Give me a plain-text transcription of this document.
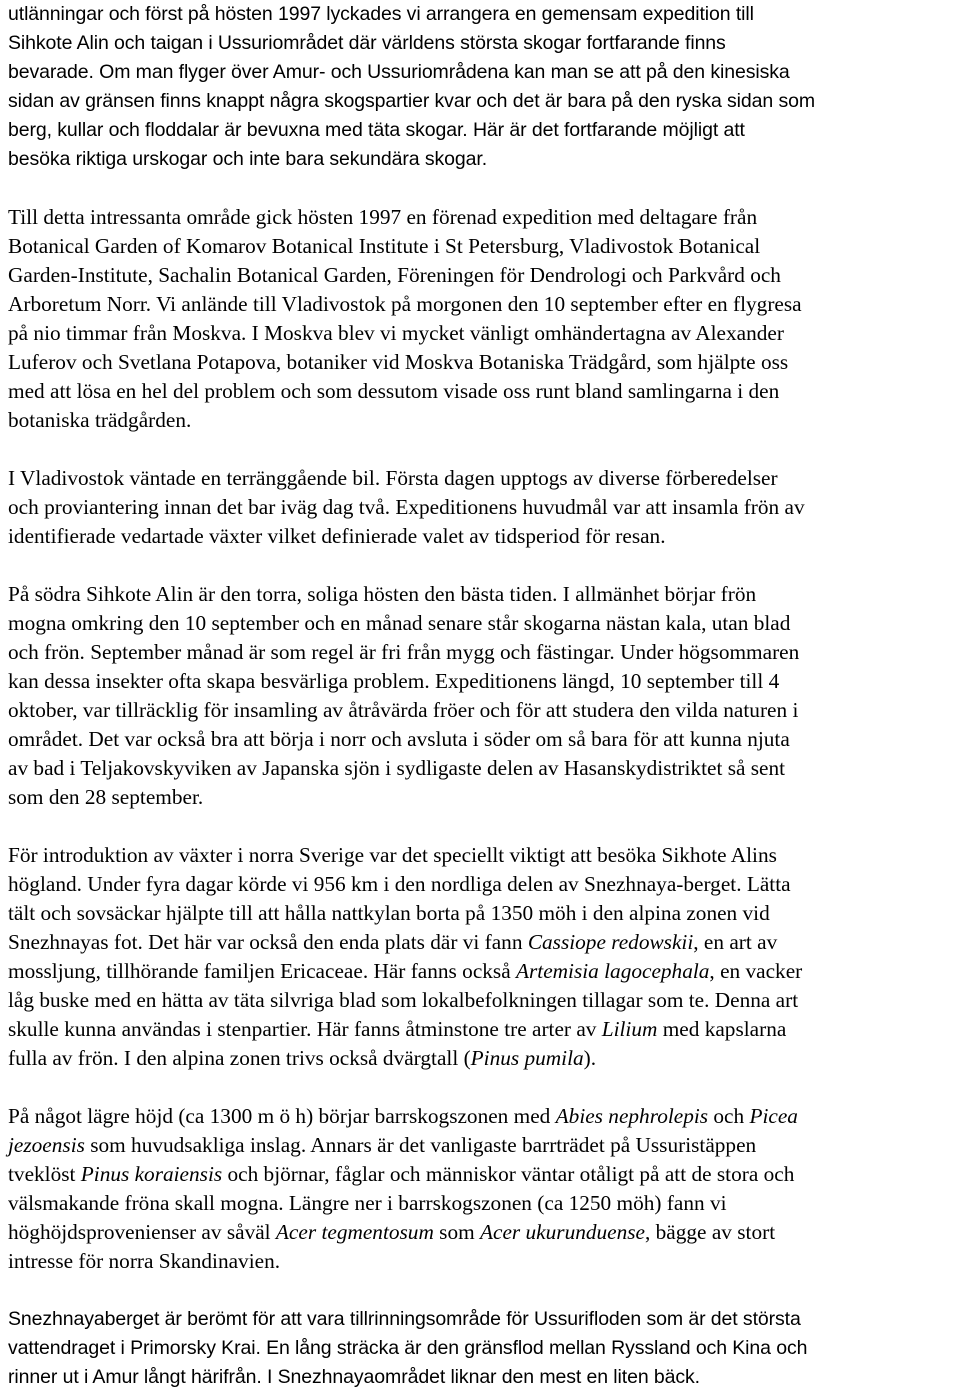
utlänningar och först på hösten 1997 lyckades vi arrangera en gemensam expedition till
Sihkote Alin och taigan i Ussuriområdet där världens största skogar fortfarande finns
bevarade. Om man flyger över Amur- och Ussuriområdena kan man se att på den kinesiska
sidan av gränsen finns knappt några skogspartier kvar och det är bara på den ryska sidan som
berg, kullar och floddalar är bevuxna med täta skogar. Här är det fortfarande möjligt att
besöka riktiga urskogar och inte bara sekundära skogar.
Till detta intressanta område gick hösten 1997 en förenad expedition med deltagare från
Botanical Garden of Komarov Botanical Institute i St Petersburg, Vladivostok Botanical
Garden-Institute, Sachalin Botanical Garden, Föreningen för Dendrologi och Parkvård och
Arboretum Norr. Vi anlände till Vladivostok på morgonen den 10 september efter en flygresa
på nio timmar från Moskva. I Moskva blev vi mycket vänligt omhändertagna av Alexander
Luferov och Svetlana Potapova, botaniker vid Moskva Botaniska Trädgård, som hjälpte oss
med att lösa en hel del problem och som dessutom visade oss runt bland samlingarna i den
botaniska trädgården.
I Vladivostok väntade en terränggående bil. Första dagen upptogs av diverse förberedelser
och proviantering innan det bar iväg dag två. Expeditionens huvudmål var att insamla frön av
identifierade vedartade växter vilket definierade valet av tidsperiod för resan.
På södra Sihkote Alin är den torra, soliga hösten den bästa tiden. I allmänhet börjar frön
mogna omkring den 10 september och en månad senare står skogarna nästan kala, utan blad
och frön. September månad är som regel är fri från mygg och fästingar. Under högsommaren
kan dessa insekter ofta skapa besvärliga problem. Expeditionens längd, 10 september till 4
oktober, var tillräcklig för insamling av åtråvärda fröer och för att studera den vilda naturen i
området. Det var också bra att börja i norr och avsluta i söder om så bara för att kunna njuta
av bad i Teljakovskyviken av Japanska sjön i sydligaste delen av Hasanskydistriktet så sent
som den 28 september.
För introduktion av växter i norra Sverige var det speciellt viktigt att besöka Sikhote Alins
högland. Under fyra dagar körde vi 956 km i den nordliga delen av Snezhnaya-berget. Lätta
tält och sovsäckar hjälpte till att hålla nattkylan borta på 1350 möh i den alpina zonen vid
Snezhnayas fot. Det här var också den enda plats där vi fann Cassiope redowskii, en art av
mossljung, tillhörande familjen Ericaceae. Här fanns också Artemisia lagocephala, en vacker
låg buske med en hätta av täta silvriga blad som lokalbefolkningen tillagar som te. Denna art
skulle kunna användas i stenpartier. Här fanns åtminstone tre arter av Lilium med kapslarna
fulla av frön. I den alpina zonen trivs också dvärgtall (Pinus pumila).
På något lägre höjd (ca 1300 m ö h) börjar barrskogszonen med Abies nephrolepis och Picea
jezoensis som huvudsakliga inslag. Annars är det vanligaste barrträdet på Ussuristäppen
tveklöst Pinus koraiensis och björnar, fåglar och människor väntar otåligt på att de stora och
välsmakande fröna skall mogna. Längre ner i barrskogszonen (ca 1250 möh) fann vi
höghöjdsprovenienser av såväl Acer tegmentosum som Acer ukurunduense, bägge av stort
intresse för norra Skandinavien.
Snezhnayaberget är berömt för att vara tillrinningsområde för Ussurifloden som är det största
vattendraget i Primorsky Krai. En lång sträcka är den gränsflod mellan Ryssland och Kina och
rinner ut i Amur långt härifrån. I Snezhnayaområdet liknar den mest en liten bäck.
